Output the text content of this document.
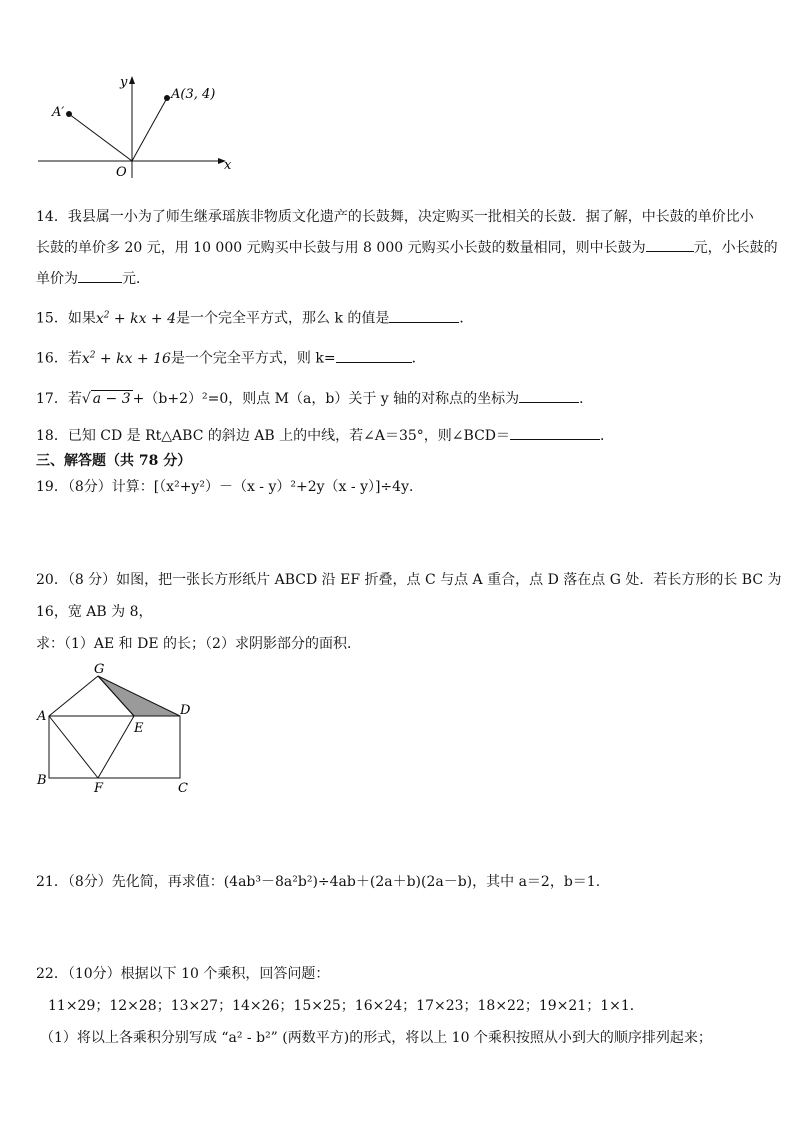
y
x
O
A(3, 4)
A′
14．我县属一小为了师生继承瑶族非物质文化遗产的长鼓舞，决定购买一批相关的长鼓．据了解，中长鼓的单价比小
长鼓的单价多 20 元，用 10 000 元购买中长鼓与用 8 000 元购买小长鼓的数量相同，则中长鼓为	元，小长鼓的
单价为	元．
15．如果$x^2$ + kx + 4是一个完全平方式，那么 k 的值是	．
16．若$x^2$ + kx + 16是一个完全平方式，则 k=	．
17．若√ a − 3 +（b+2）²=0，则点 M（a，b）关于 y 轴的对称点的坐标为	．
18．已知 CD 是 Rt△ABC 的斜边 AB 上的中线，若∠A＝35°，则∠BCD＝	．
三、解答题（共 78 分）
19．（8分）计算：[（x²+y²）－（x - y）²+2y（x - y）]÷4y．
20．（8 分）如图，把一张长方形纸片 ABCD 沿 EF 折叠，点 C 与点 A 重合，点 D 落在点 G 处．若长方形的长 BC 为
16，宽 AB 为 8，
求：（1）AE 和 DE 的长；（2）求阴影部分的面积．
G
A	D
E
B
F	C
21．（8分）先化简，再求值：(4ab³－8a²b²)÷4ab＋(2a＋b)(2a－b)，其中 a＝2，b＝1.
22．（10分）根据以下 10 个乘积，回答问题：
11×29；12×28；13×27；14×26；15×25；16×24；17×23；18×22；19×21；1×1．
（1）将以上各乘积分别写成 “a² - b²” (两数平方)的形式，将以上 10 个乘积按照从小到大的顺序排列起来；
